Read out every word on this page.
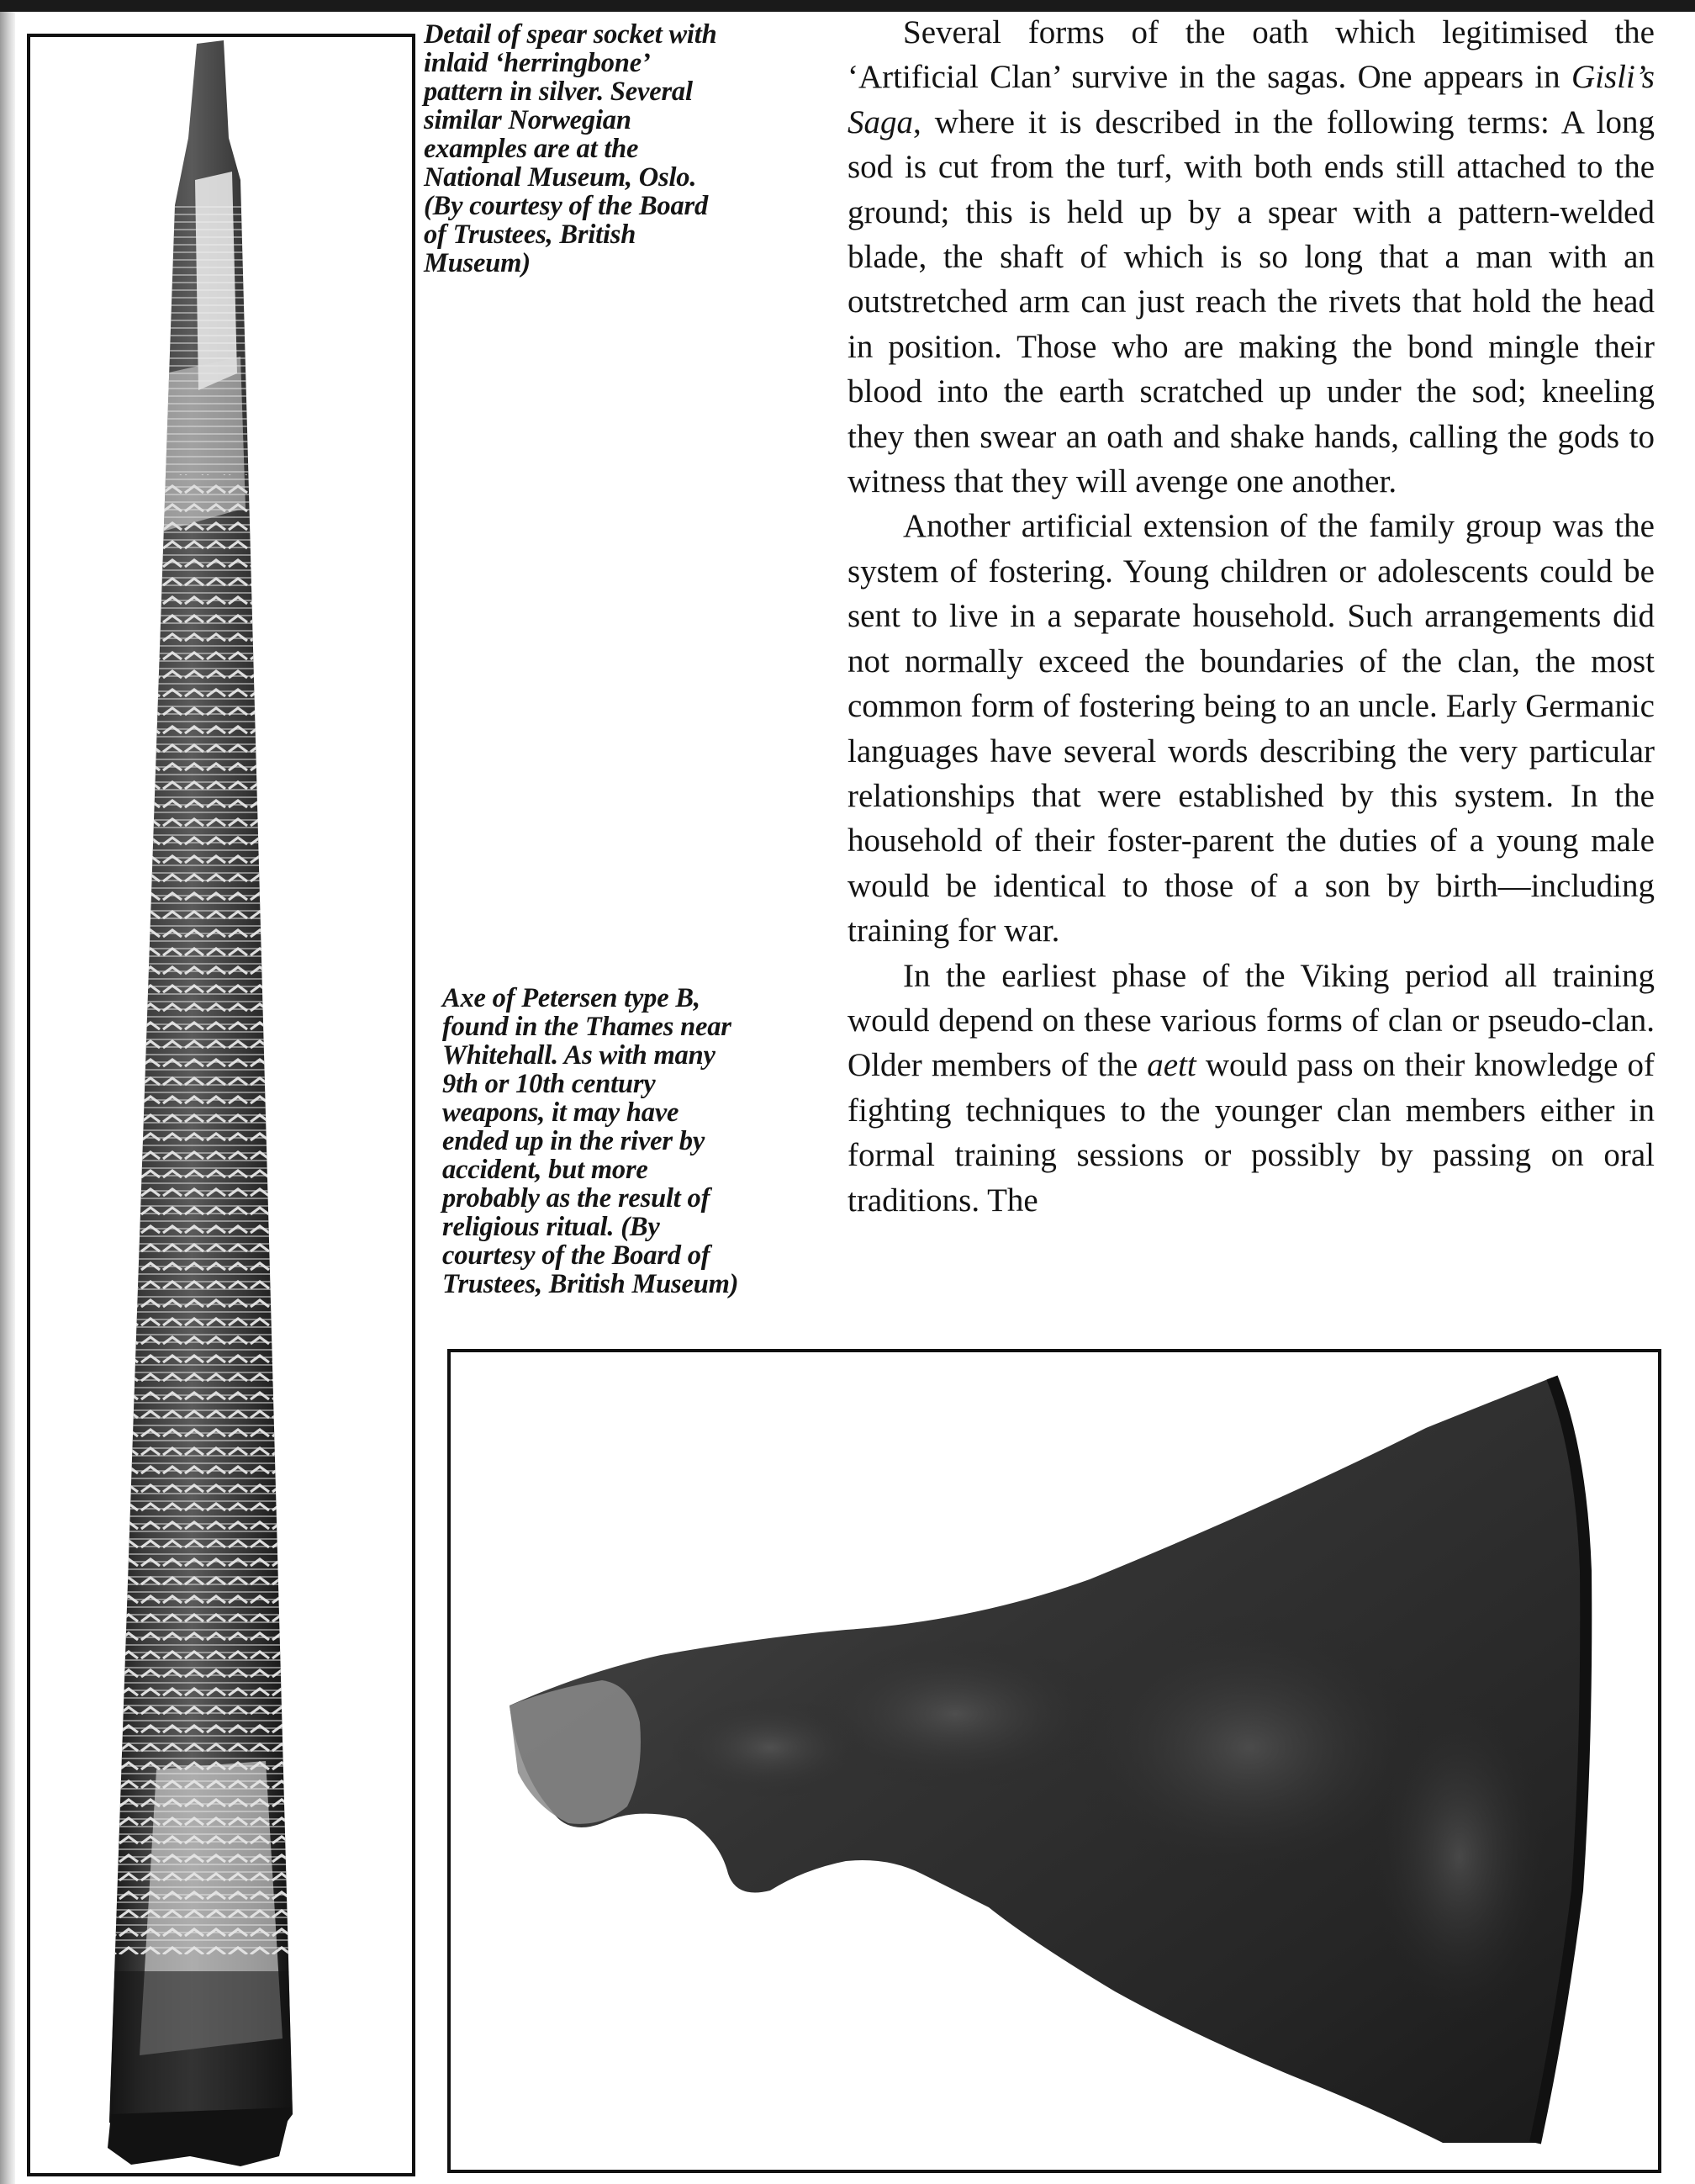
Detail of spear socket with
inlaid ‘herringbone’
pattern in silver. Several
similar Norwegian
examples are at the
National Museum, Oslo.
(By courtesy of the Board
of Trustees, British
Museum)
Axe of Petersen type B,
found in the Thames near
Whitehall. As with many
9th or 10th century
weapons, it may have
ended up in the river by
accident, but more
probably as the result of
religious ritual. (By
courtesy of the Board of
Trustees, British Museum)

Several forms of the oath which legitimised the ‘Artificial Clan’ survive in the sagas. One appears in Gisli’s Saga, where it is described in the following terms: A long sod is cut from the turf, with both ends still attached to the ground; this is held up by a spear with a pattern-welded blade, the shaft of which is so long that a man with an outstretched arm can just reach the rivets that hold the head in position. Those who are making the bond mingle their blood into the earth scratched up under the sod; kneeling they then swear an oath and shake hands, calling the gods to witness that they will avenge one another.

Another artificial extension of the family group was the system of fostering. Young children or adolescents could be sent to live in a separate household. Such arrangements did not normally exceed the boundaries of the clan, the most common form of fostering being to an uncle. Early Germanic languages have several words describing the very particular relationships that were established by this system. In the household of their foster-parent the duties of a young male would be identical to those of a son by birth—including training for war.

In the earliest phase of the Viking period all training would depend on these various forms of clan or pseudo-clan. Older members of the aett would pass on their knowledge of fighting techniques to the younger clan members either in formal training sessions or possibly by passing on oral traditions. The
